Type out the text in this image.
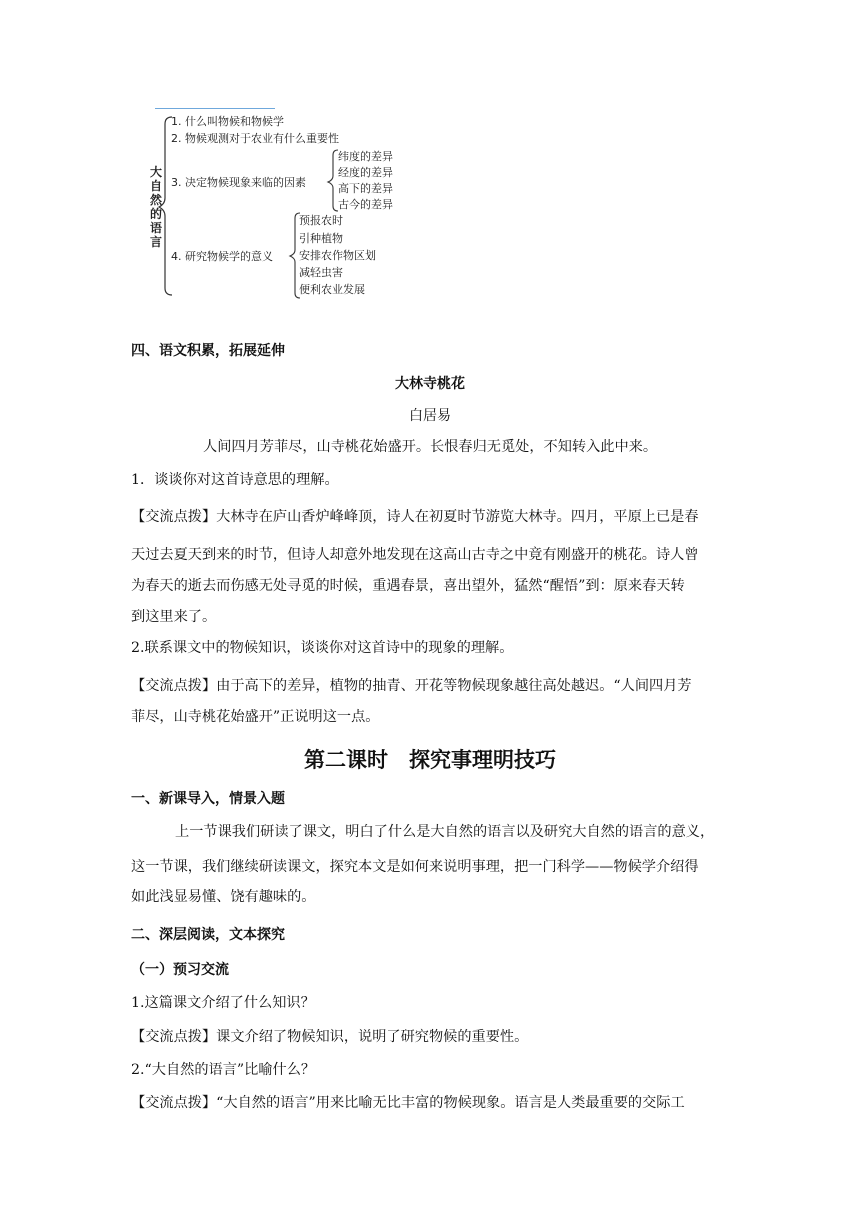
大自然的语言
1. 什么叫物候和物候学
2. 物候观测对于农业有什么重要性
3. 决定物候现象来临的因素
4. 研究物候学的意义
纬度的差异
经度的差异
高下的差异
古今的差异
预报农时
引种植物
安排农作物区划
减轻虫害
便利农业发展
四、语文积累，拓展延伸
大林寺桃花
白居易
人间四月芳菲尽，山寺桃花始盛开。长恨春归无觅处，不知转入此中来。
1．谈谈你对这首诗意思的理解。
【交流点拨】大林寺在庐山香炉峰峰顶，诗人在初夏时节游览大林寺。四月，平原上已是春
天过去夏天到来的时节，但诗人却意外地发现在这高山古寺之中竟有刚盛开的桃花。诗人曾
为春天的逝去而伤感无处寻觅的时候，重遇春景，喜出望外，猛然“醒悟”到：原来春天转
到这里来了。
2.联系课文中的物候知识，谈谈你对这首诗中的现象的理解。
【交流点拨】由于高下的差异，植物的抽青、开花等物候现象越往高处越迟。“人间四月芳
菲尽，山寺桃花始盛开”正说明这一点。
第二课时　探究事理明技巧
一、新课导入，情景入题
上一节课我们研读了课文，明白了什么是大自然的语言以及研究大自然的语言的意义，
这一节课，我们继续研读课文，探究本文是如何来说明事理，把一门科学——物候学介绍得
如此浅显易懂、饶有趣味的。
二、深层阅读，文本探究
（一）预习交流
1.这篇课文介绍了什么知识？
【交流点拨】课文介绍了物候知识，说明了研究物候的重要性。
2.“大自然的语言”比喻什么？
【交流点拨】“大自然的语言”用来比喻无比丰富的物候现象。语言是人类最重要的交际工
